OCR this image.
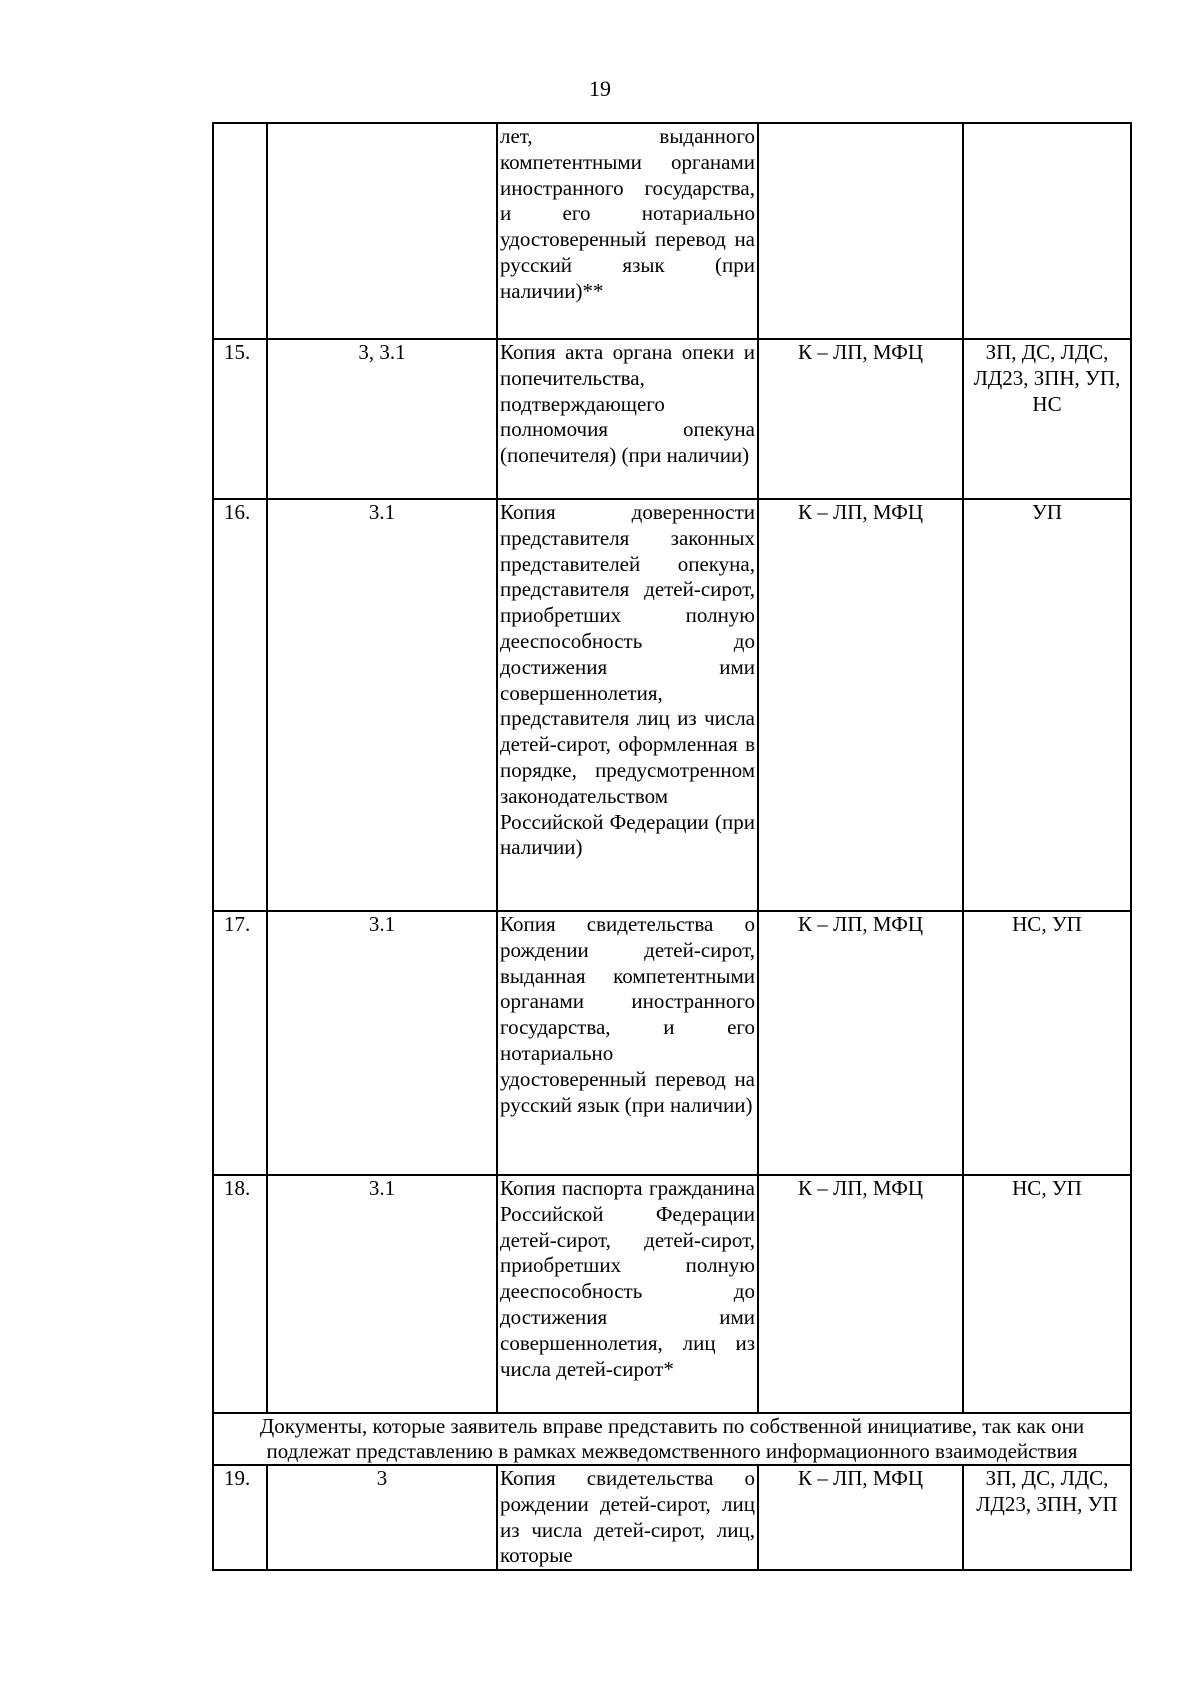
19
		лет, выданного компетентными органами иностранного государства, и его нотариально удостоверенный перевод на русский язык (при наличии)**		
15.	3, 3.1	Копия акта органа опеки и попечительства, подтверждающего полномочия опекуна (попечителя) (при наличии)	К – ЛП, МФЦ	ЗП, ДС, ЛДС, ЛД23, ЗПН, УП, НС
16.	3.1	Копия доверенности представителя законных представителей опекуна, представителя детей-сирот, приобретших полную дееспособность до достижения ими совершеннолетия, представителя лиц из числа детей-сирот, оформленная в порядке, предусмотренном законодательством Российской Федерации (при наличии)	К – ЛП, МФЦ	УП
17.	3.1	Копия свидетельства о рождении детей-сирот, выданная компетентными органами иностранного государства, и его нотариально удостоверенный перевод на русский язык (при наличии)	К – ЛП, МФЦ	НС, УП
18.	3.1	Копия паспорта гражданина Российской Федерации детей-сирот, детей-сирот, приобретших полную дееспособность до достижения ими совершеннолетия, лиц из числа детей-сирот*	К – ЛП, МФЦ	НС, УП
Документы, которые заявитель вправе представить по собственной инициативе, так как они подлежат представлению в рамках межведомственного информационного взаимодействия				
19.	3	Копия свидетельства о рождении детей-сирот, лиц из числа детей-сирот, лиц, которые	К – ЛП, МФЦ	ЗП, ДС, ЛДС, ЛД23, ЗПН, УП
